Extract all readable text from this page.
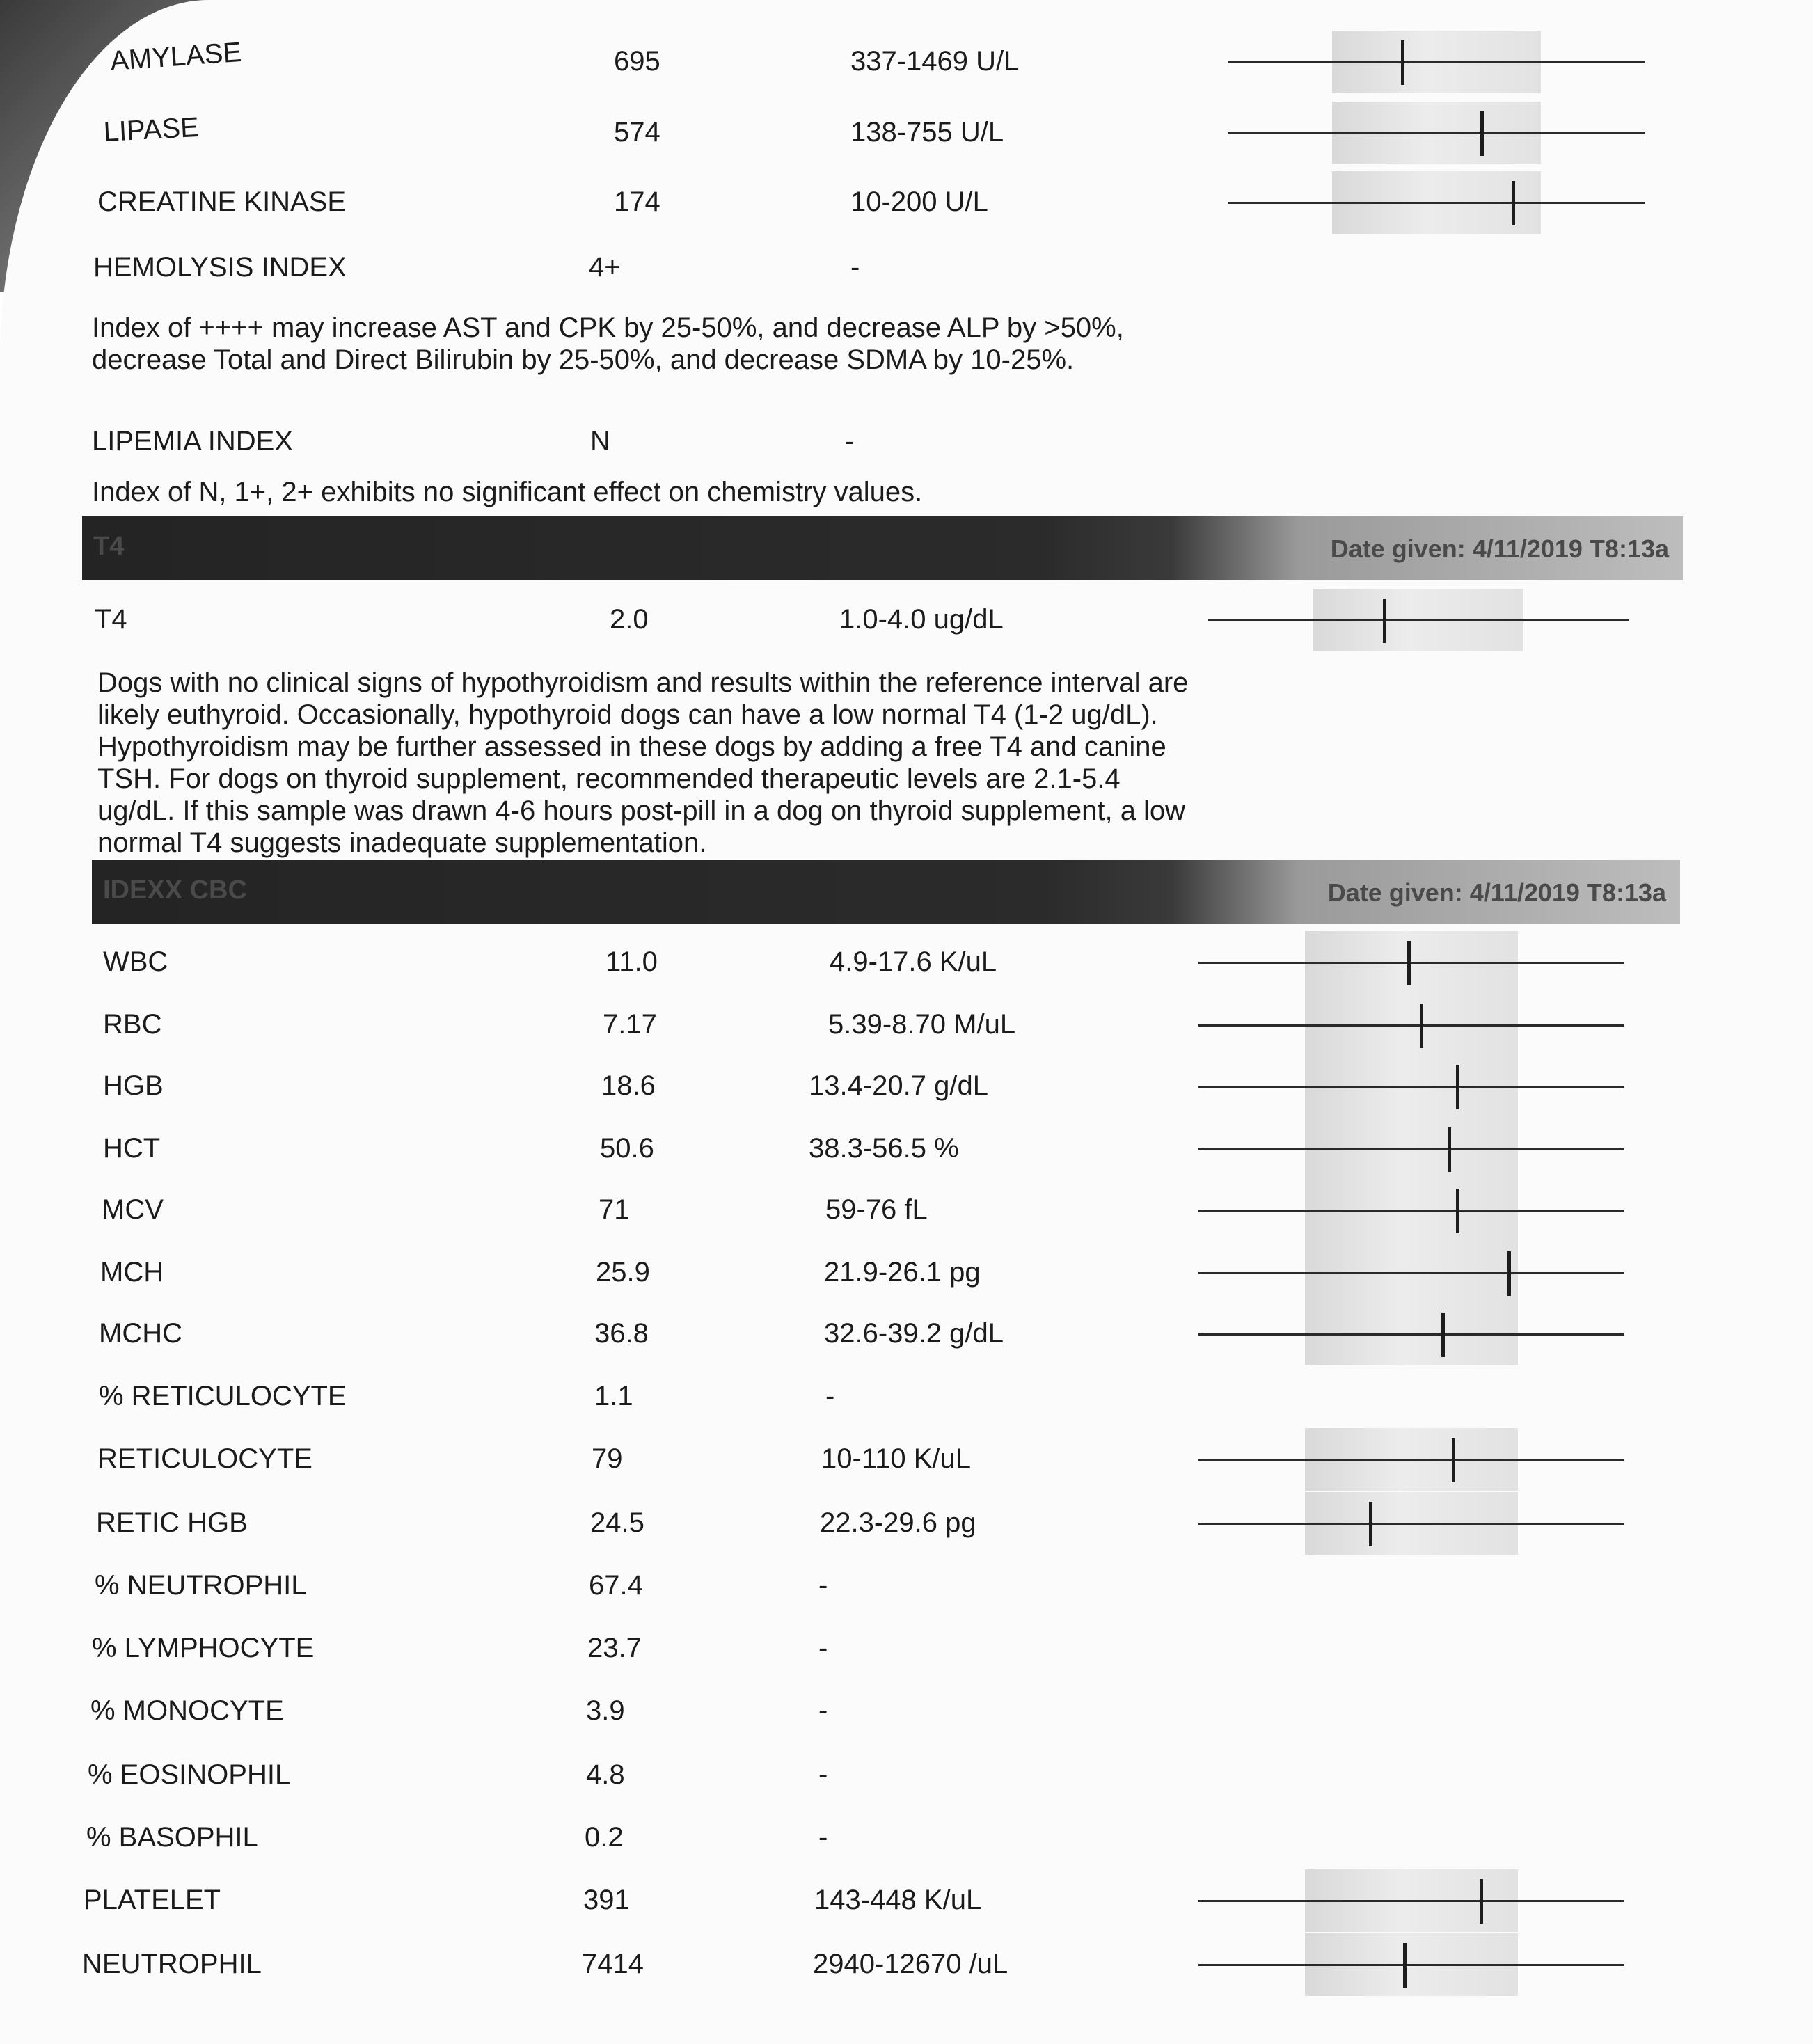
AMYLASE	695	337-1469 U/L
LIPASE	574	138-755 U/L
CREATINE KINASE	174	10-200 U/L
HEMOLYSIS INDEX	4+	-
Index of ++++ may increase AST and CPK by 25-50%, and decrease ALP by >50%,
decrease Total and Direct Bilirubin by 25-50%, and decrease SDMA by 10-25%.
LIPEMIA INDEX	N	-
Index of N, 1+, 2+ exhibits no significant effect on chemistry values.
T4	Date given: 4/11/2019 T8:13a
T4	2.0	1.0-4.0 ug/dL
Dogs with no clinical signs of hypothyroidism and results within the reference interval are
likely euthyroid. Occasionally, hypothyroid dogs can have a low normal T4 (1-2 ug/dL).
Hypothyroidism may be further assessed in these dogs by adding a free T4 and canine
TSH. For dogs on thyroid supplement, recommended therapeutic levels are 2.1-5.4
ug/dL. If this sample was drawn 4-6 hours post-pill in a dog on thyroid supplement, a low
normal T4 suggests inadequate supplementation.
IDEXX CBC	Date given: 4/11/2019 T8:13a
WBC	11.0	4.9-17.6 K/uL
RBC	7.17	5.39-8.70 M/uL
HGB	18.6	13.4-20.7 g/dL
HCT	50.6	38.3-56.5 %
MCV	71	59-76 fL
MCH	25.9	21.9-26.1 pg
MCHC	36.8	32.6-39.2 g/dL
% RETICULOCYTE	1.1	-
RETICULOCYTE	79	10-110 K/uL
RETIC HGB	24.5	22.3-29.6 pg
% NEUTROPHIL	67.4	-
% LYMPHOCYTE	23.7	-
% MONOCYTE	3.9	-
% EOSINOPHIL	4.8	-
% BASOPHIL	0.2	-
PLATELET	391	143-448 K/uL
NEUTROPHIL	7414	2940-12670 /uL
